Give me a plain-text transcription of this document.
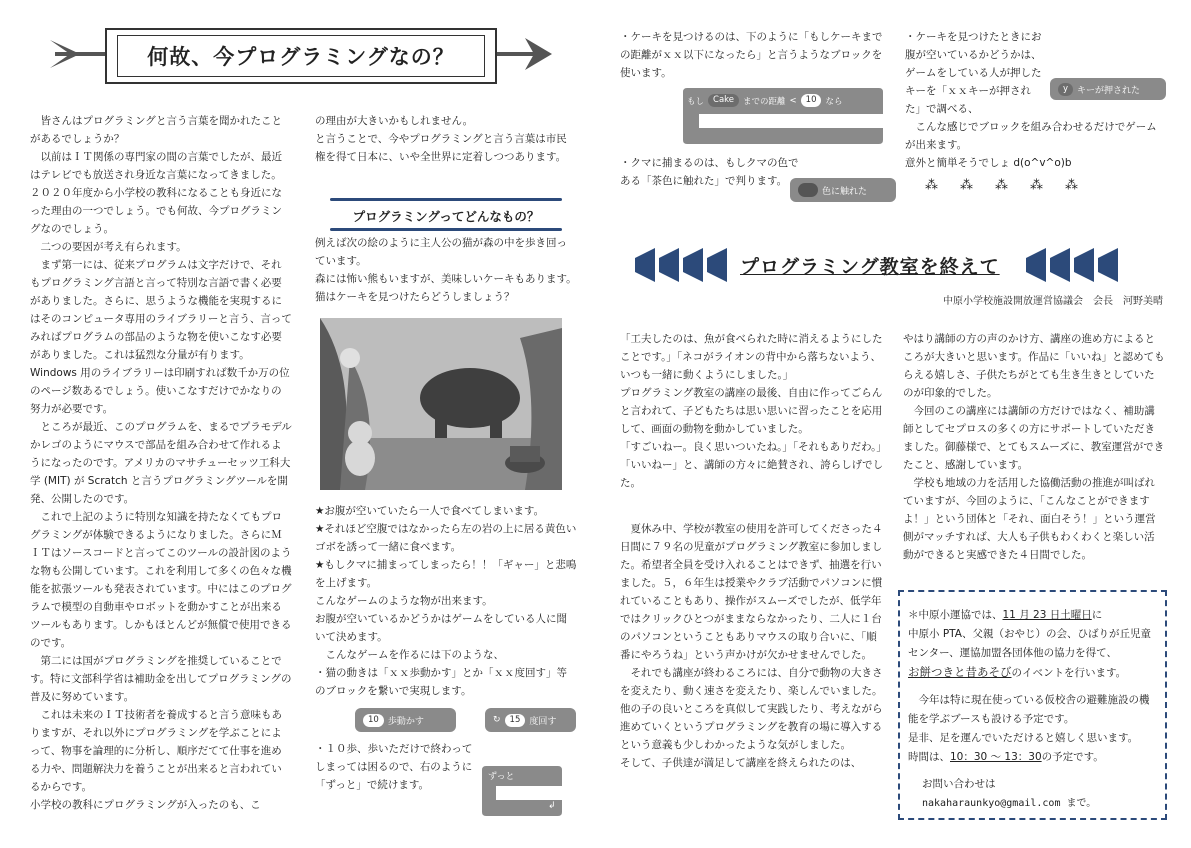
何故、今プログラミングなの？

　皆さんはプログラミングと言う言葉を聞かれたことがあるでしょうか？

　以前はＩＴ関係の専門家の間の言葉でしたが、最近はテレビでも放送され身近な言葉になってきました。２０２０年度から小学校の教科になることも身近になった理由の一つでしょう。でも何故、今プログラミングなのでしょう。

　二つの要因が考え有られます。

　まず第一には、従来プログラムは文字だけで、それもプログラミング言語と言って特別な言語で書く必要がありました。さらに、思うような機能を実現するにはそのコンピュータ専用のライブラリーと言う、言ってみればプログラムの部品のような物を使いこなす必要がありました。これは猛烈な分量が有ります。Windows 用のライブラリーは印刷すれば数千か万の位のページ数あるでしょう。使いこなすだけでかなりの努力が必要です。

　ところが最近、このプログラムを、まるでプラモデルかレゴのようにマウスで部品を組み合わせて作れるようになったのです。アメリカのマサチューセッツ工科大学 (MIT) が Scratch と言うプログラミングツールを開発、公開したのです。

　これで上記のように特別な知識を持たなくてもプログラミングが体験できるようになりました。さらにＭＩＴはソースコードと言ってこのツールの設計図のような物も公開しています。これを利用して多くの色々な機能を拡張ツールも発表されています。中にはこのプログラムで模型の自動車やロボットを動かすことが出来るツールもあります。しかもほとんどが無償で使用できるのです。

　第二には国がプログラミングを推奨していることです。特に文部科学省は補助金を出してプログラミングの普及に努めています。

　これは未来のＩＴ技術者を養成すると言う意味もありますが、それ以外にプログラミングを学ぶことによって、物事を論理的に分析し、順序だてて仕事を進める力や、問題解決力を養うことが出来ると言われているからです。

小学校の教科にプログラミングが入ったのも、こ

の理由が大きいかもしれません。

と言うことで、今やプログラミングと言う言葉は市民権を得て日本に、いや全世界に定着しつつあります。

プログラミングってどんなもの？

例えば次の絵のように主人公の猫が森の中を歩き回っています。

森には怖い熊もいますが、美味しいケーキもあります。猫はケーキを見つけたらどうしましょう？

★お腹が空いていたら一人で食べてしまいます。

★それほど空腹ではなかったら左の岩の上に居る黄色いゴボを誘って一緒に食べます。

★もしクマに捕まってしまったら！！「ギャー」と悲鳴を上げます。

こんなゲームのような物が出来ます。

お腹が空いているかどうかはゲームをしている人に聞いて決めます。

　こんなゲームを作るには下のような、

・猫の動きは「ｘｘ歩動かす」とか「ｘｘ度回す」等のブロックを繋いで実現します。

10	歩動かす	↻	15	度回す

・１０歩、歩いただけで終わってしまっては困るので、右のように「ずっと」で続けます。

ずっと
↲

・ケーキを見つけるのは、下のように「もしケーキまでの距離がｘｘ以下になったら」と言うようなブロックを使います。

もし	Cake	までの距離 <	10	なら

・クマに捕まるのは、もしクマの色である「茶色に触れた」で判ります。

色に触れた

・ケーキを見つけたときにお腹が空いているかどうかは、ゲームをしている人が押したキーを「ｘｘキーが押された」で調べる、

　こんな感じでブロックを組み合わせるだけでゲームが出来ます。

意外と簡単そうでしょ d(o^v^o)b

y	キーが押された
⁂⁂⁂⁂⁂
プログラミング教室を終えて
中原小学校施設開放運営協議会　会長　河野美晴

「工夫したのは、魚が食べられた時に消えるようにしたことです。」「ネコがライオンの背中から落ちないよう、いつも一緒に動くようにしました。」

プログラミング教室の講座の最後、自由に作ってごらんと言われて、子どもたちは思い思いに習ったことを応用して、画面の動物を動かしていました。

「すごいねー。良く思いついたね。」「それもありだわ。」「いいねー」と、講師の方々に絶賛され、誇らしげでした。

　夏休み中、学校が教室の使用を許可してくださった４日間に７９名の児童がプログラミング教室に参加しました。希望者全員を受け入れることはできず、抽選を行いました。５，６年生は授業やクラブ活動でパソコンに慣れていることもあり、操作がスムーズでしたが、低学年ではクリックひとつがままならなかったり、二人に１台のパソコンということもありマウスの取り合いに、「順番にやろうね」という声かけが欠かせませんでした。

　それでも講座が終わるころには、自分で動物の大きさを変えたり、動く速さを変えたり、楽しんでいました。他の子の良いところを真似して実践したり、考えながら進めていくというプログラミングを教育の場に導入するという意義も少しわかったような気がしました。

そして、子供達が満足して講座を終えられたのは、

やはり講師の方の声のかけ方、講座の進め方によるところが大きいと思います。作品に「いいね」と認めてもらえる嬉しさ、子供たちがとても生き生きとしていたのが印象的でした。

　今回のこの講座には講師の方だけではなく、補助講師としてセプロスの多くの方にサポートしていただきました。御藤様で、とてもスムーズに、教室運営ができたこと、感謝しています。

　学校も地域の力を活用した協働活動の推進が叫ばれていますが、今回のように、「こんなことができますよ！」という団体と「それ、面白そう！」という運営側がマッチすれば、大人も子供もわくわくと楽しい活動ができると実感できた４日間でした。

＊中原小運協では、11 月 23 日土曜日に
中原小 PTA、父親（おやじ）の会、ひばりが丘児童センター、運協加盟各団体他の協力を得て、
お餅つきと昔あそびのイベントを行います。
　今年は特に現在使っている仮校舎の避難施設の機能を学ぶブースも設ける予定です。
是非、足を運んでいただけると嬉しく思います。
時間は、10：30 ～ 13：30の予定です。
お問い合わせは
nakaharaunkyo@gmail.com まで。
